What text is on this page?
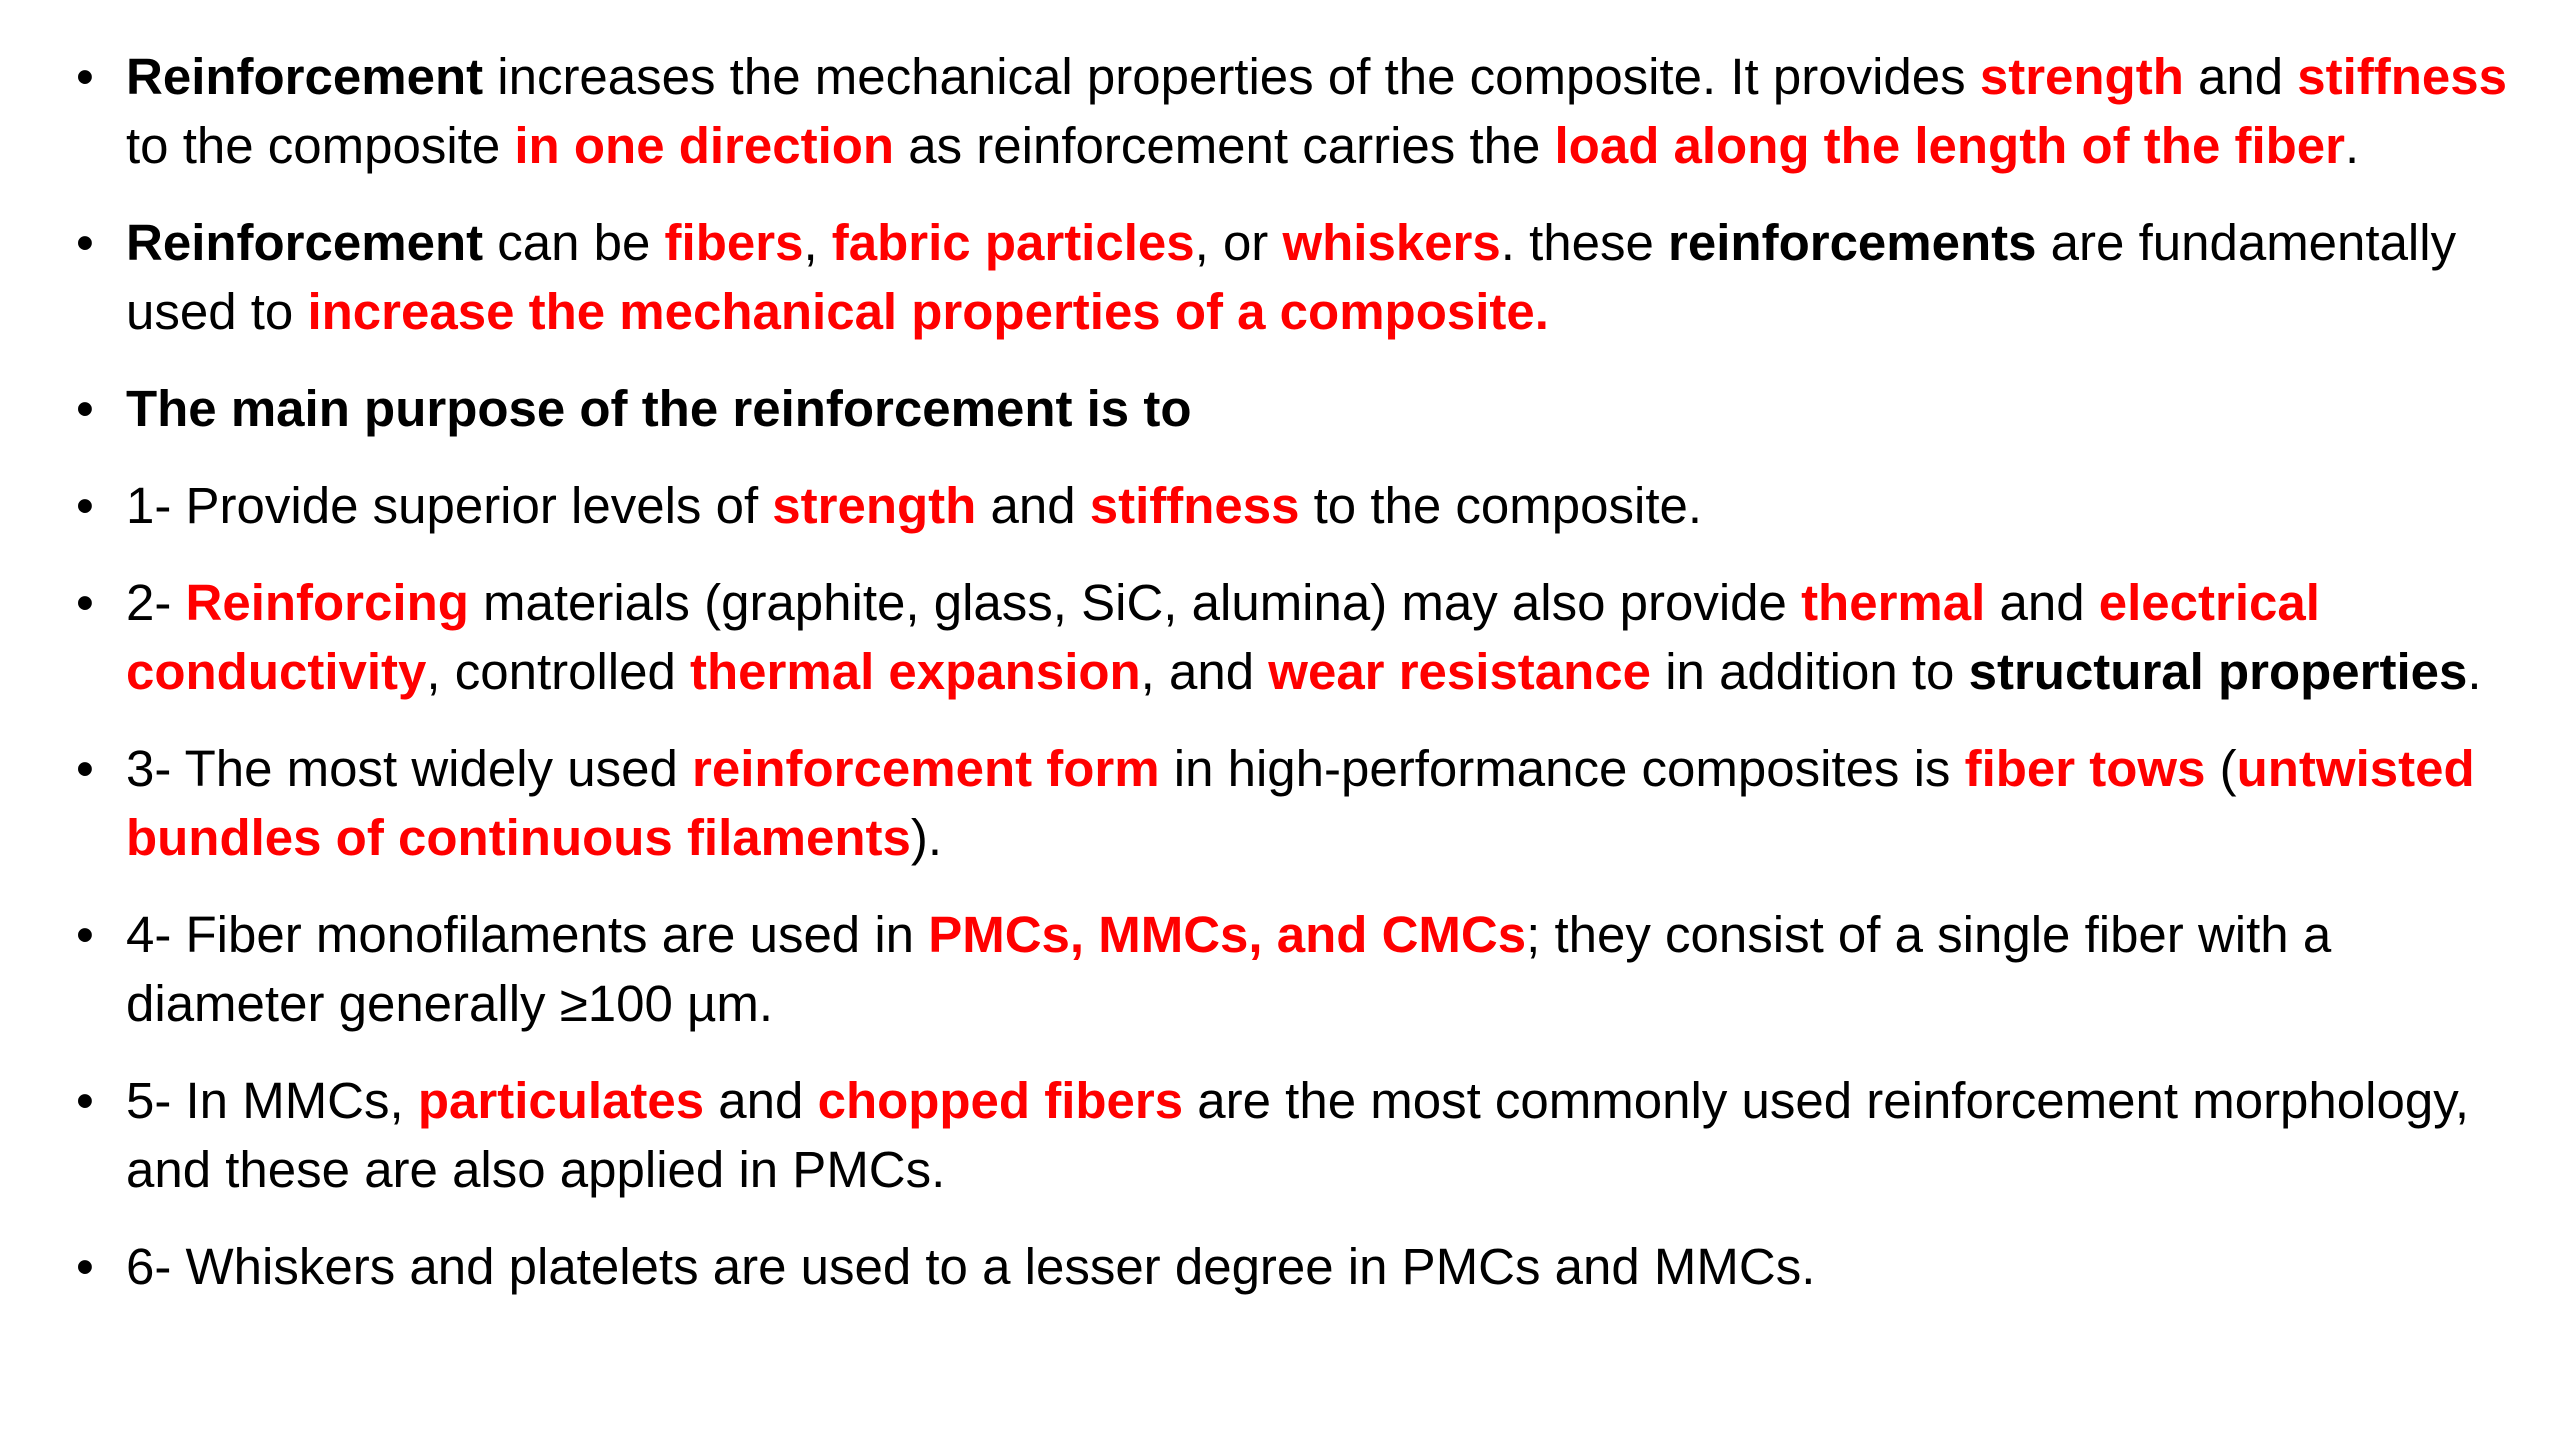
• Reinforcement increases the mechanical properties of the composite. It provides strength and stiffness to the composite in one direction as reinforcement carries the load along the length of the fiber.
• Reinforcement can be fibers, fabric particles, or whiskers. these reinforcements are fundamentally used to increase the mechanical properties of a composite.
• The main purpose of the reinforcement is to
• 1- Provide superior levels of strength and stiffness to the composite.
• 2- Reinforcing materials (graphite, glass, SiC, alumina) may also provide thermal and electrical conductivity, controlled thermal expansion, and wear resistance in addition to structural properties.
• 3- The most widely used reinforcement form in high-performance composites is fiber tows (untwisted bundles of continuous filaments).
• 4- Fiber monofilaments are used in PMCs, MMCs, and CMCs; they consist of a single fiber with a diameter generally ≥100 µm.
• 5- In MMCs, particulates and chopped fibers are the most commonly used reinforcement morphology, and these are also applied in PMCs.
• 6- Whiskers and platelets are used to a lesser degree in PMCs and MMCs.
